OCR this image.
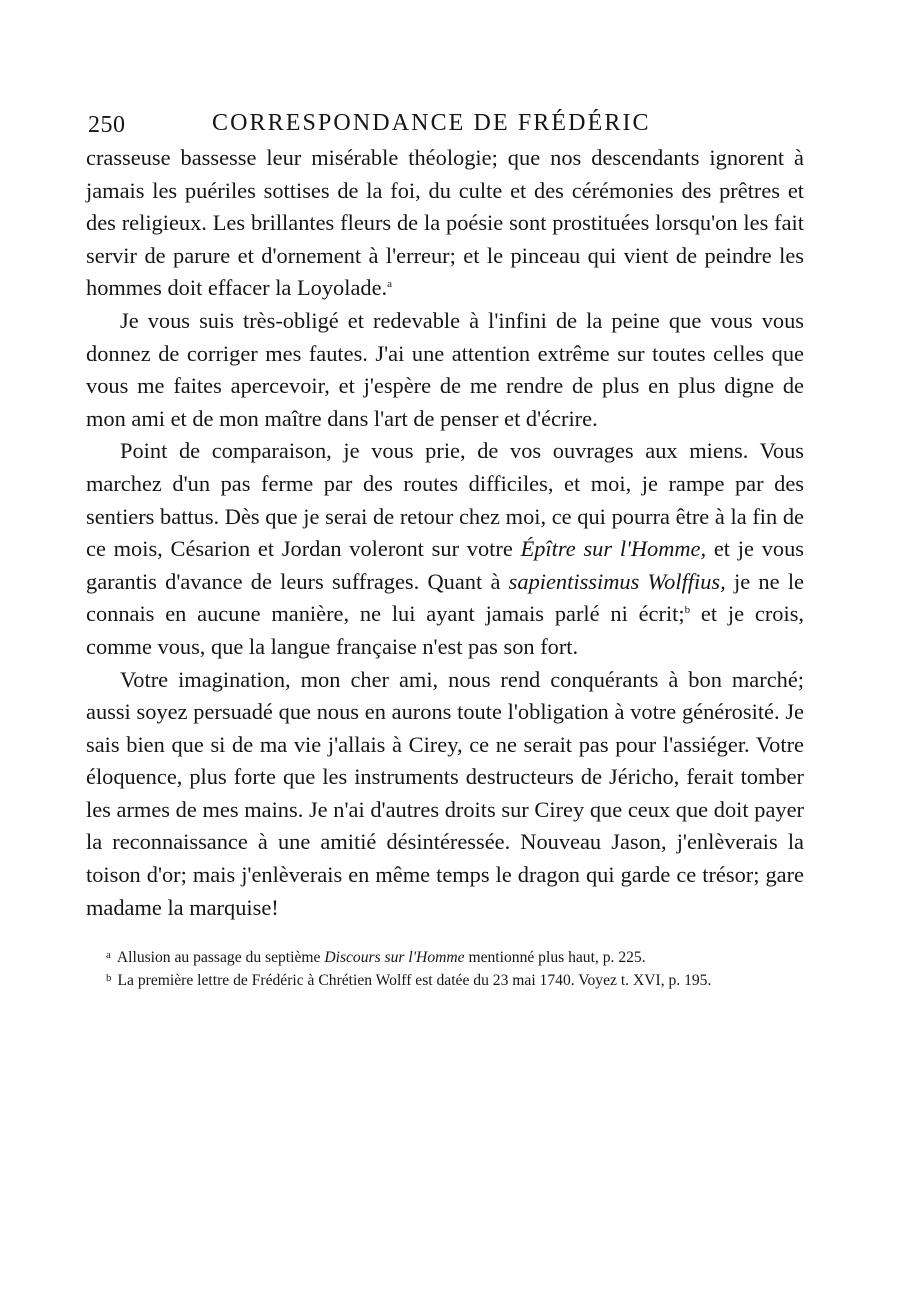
250	CORRESPONDANCE DE FRÉDÉRIC

crasseuse bassesse leur misérable théologie; que nos descendants ignorent à jamais les puériles sottises de la foi, du culte et des cérémonies des prêtres et des religieux. Les brillantes fleurs de la poésie sont prostituées lorsqu'on les fait servir de parure et d'ornement à l'erreur; et le pinceau qui vient de peindre les hommes doit effacer la Loyolade.$^a$

Je vous suis très-obligé et redevable à l'infini de la peine que vous vous donnez de corriger mes fautes. J'ai une attention extrême sur toutes celles que vous me faites apercevoir, et j'espère de me rendre de plus en plus digne de mon ami et de mon maître dans l'art de penser et d'écrire.

Point de comparaison, je vous prie, de vos ouvrages aux miens. Vous marchez d'un pas ferme par des routes difficiles, et moi, je rampe par des sentiers battus. Dès que je serai de retour chez moi, ce qui pourra être à la fin de ce mois, Césarion et Jordan voleront sur votre Épître sur l'Homme, et je vous garantis d'avance de leurs suffrages. Quant à sapientissimus Wolffius, je ne le connais en aucune manière, ne lui ayant jamais parlé ni écrit;$^b$ et je crois, comme vous, que la langue française n'est pas son fort.

Votre imagination, mon cher ami, nous rend conquérants à bon marché; aussi soyez persuadé que nous en aurons toute l'obligation à votre générosité. Je sais bien que si de ma vie j'allais à Cirey, ce ne serait pas pour l'assiéger. Votre éloquence, plus forte que les instruments destructeurs de Jéricho, ferait tomber les armes de mes mains. Je n'ai d'autres droits sur Cirey que ceux que doit payer la reconnaissance à une amitié désintéressée. Nouveau Jason, j'enlèverais la toison d'or; mais j'enlèverais en même temps le dragon qui garde ce trésor; gare madame la marquise!

$^a$ Allusion au passage du septième Discours sur l'Homme mentionné plus haut, p. 225.

$^b$ La première lettre de Frédéric à Chrétien Wolff est datée du 23 mai 1740. Voyez t. XVI, p. 195.
